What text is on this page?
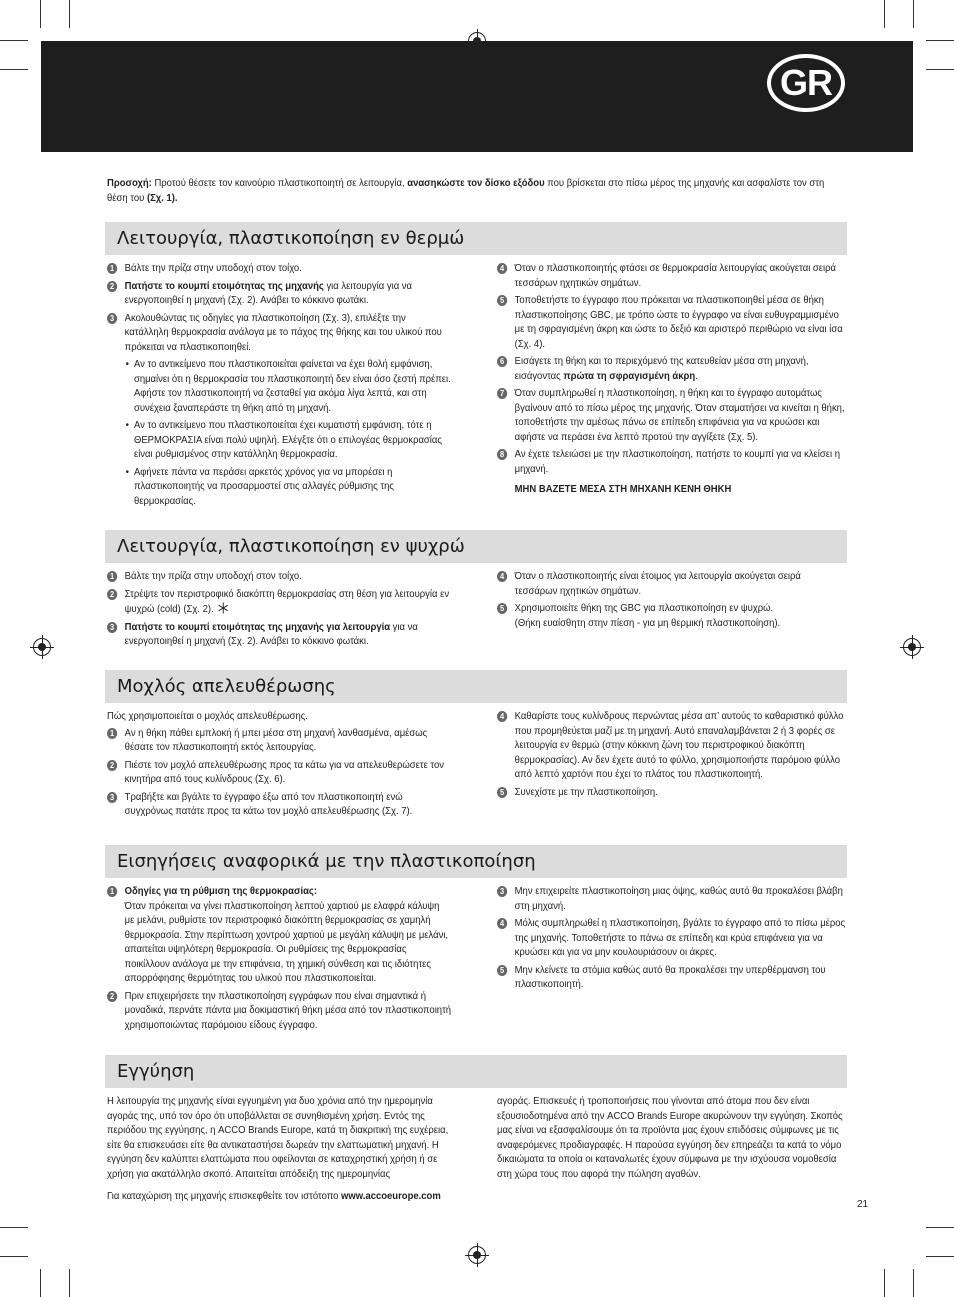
GR
Προσοχή: Προτού θέσετε τον καινούριο πλαστικοποιητή σε λειτουργία, ανασηκώστε τον δίσκο εξόδου που βρίσκεται στο πίσω μέρος της μηχανής και ασφαλίστε τον στη θέση του (Σχ. 1).
Λειτουργία, πλαστικοποίηση εν θερμώ
1 Βάλτε την πρίζα στην υποδοχή στον τοίχο.
2 Πατήστε το κουμπί ετοιμότητας της μηχανής για λειτουργία για να ενεργοποιηθεί η μηχανή (Σχ. 2). Ανάβει το κόκκινο φωτάκι.
3 Ακολουθώντας τις οδηγίες για πλαστικοποίηση (Σχ. 3), επιλέξτε την κατάλληλη θερμοκρασία ανάλογα με το πάχος της θήκης και του υλικού που πρόκειται να πλαστικοποιηθεί.
• Αν το αντικείμενο που πλαστικοποιείται φαίνεται να έχει θολή εμφάνιση, σημαίνει ότι η θερμοκρασία του πλαστικοποιητή δεν είναι όσο ζεστή πρέπει. Αφήστε τον πλαστικοποιητή να ζεσταθεί για ακόμα λίγα λεπτά, και στη συνέχεια ξαναπεράστε τη θήκη από τη μηχανή.
• Αν το αντικείμενο που πλαστικοποιείται έχει κυματιστή εμφάνιση, τότε η ΘΕΡΜΟΚΡΑΣΙΑ είναι πολύ υψηλή. Ελέγξτε ότι ο επιλογέας θερμοκρασίας είναι ρυθμισμένος στην κατάλληλη θερμοκρασία.
• Αφήνετε πάντα να περάσει αρκετός χρόνος για να μπορέσει η πλαστικοποιητής να προσαρμοστεί στις αλλαγές ρύθμισης της θερμοκρασίας.
4 Όταν ο πλαστικοποιητής φτάσει σε θερμοκρασία λειτουργίας ακούγεται σειρά τεσσάρων ηχητικών σημάτων.
5 Τοποθετήστε το έγγραφο που πρόκειται να πλαστικοποιηθεί μέσα σε θήκη πλαστικοποίησης GBC, με τρόπο ώστε το έγγραφο να είναι ευθυγραμμισμένο με τη σφραγισμένη άκρη και ώστε το δεξιό και αριστερό περιθώριο να είναι ίσα (Σχ. 4).
6 Εισάγετε τη θήκη και το περιεχόμενό της κατευθείαν μέσα στη μηχανή, εισάγοντας πρώτα τη σφραγισμένη άκρη.
7 Όταν συμπληρωθεί η πλαστικοποίηση, η θήκη και το έγγραφο αυτομάτως βγαίνουν από το πίσω μέρος της μηχανής. Όταν σταματήσει να κινείται η θήκη, τοποθετήστε την αμέσως πάνω σε επίπεδη επιφάνεια για να κρυώσει και αφήστε να περάσει ένα λεπτό προτού την αγγίξετε (Σχ. 5).
8 Αν έχετε τελειώσει με την πλαστικοποίηση, πατήστε το κουμπί για να κλείσει η μηχανή.
ΜΗΝ ΒΑΖΕΤΕ ΜΕΣΑ ΣΤΗ ΜΗΧΑΝΗ ΚΕΝΗ ΘΗΚΗ
Λειτουργία, πλαστικοποίηση εν ψυχρώ
1 Βάλτε την πρίζα στην υποδοχή στον τοίχο.
2 Στρέψτε τον περιστροφικό διακόπτη θερμοκρασίας στη θέση για λειτουργία εν ψυχρώ (cold) (Σχ. 2).
3 Πατήστε το κουμπί ετοιμότητας της μηχανής για λειτουργία για να ενεργοποιηθεί η μηχανή (Σχ. 2). Ανάβει το κόκκινο φωτάκι.
4 Όταν ο πλαστικοποιητής είναι έτοιμος για λειτουργία ακούγεται σειρά τεσσάρων ηχητικών σημάτων.
5 Χρησιμοποιείτε θήκη της GBC για πλαστικοποίηση εν ψυχρώ.
(Θήκη ευαίσθητη στην πίεση - για μη θερμική πλαστικοποίηση).
Μοχλός απελευθέρωσης
Πώς χρησιμοποιείται ο μοχλός απελευθέρωσης.
1 Αν η θήκη πάθει εμπλοκή ή μπει μέσα στη μηχανή λανθασμένα, αμέσως θέσατε τον πλαστικοποιητή εκτός λειτουργίας.
2 Πιέστε τον μοχλό απελευθέρωσης προς τα κάτω για να απελευθερώσετε τον κινητήρα από τους κυλίνδρους (Σχ. 6).
3 Τραβήξτε και βγάλτε το έγγραφο έξω από τον πλαστικοποιητή ενώ συγχρόνως πατάτε προς τα κάτω τον μοχλό απελευθέρωσης (Σχ. 7).
4 Καθαρίστε τους κυλίνδρους περνώντας μέσα απ’ αυτούς το καθαριστικό φύλλο που προμηθεύεται μαζί με τη μηχανή. Αυτό επαναλαμβάνεται 2 ή 3 φορές σε λειτουργία εν θερμώ (στην κόκκινη ζώνη του περιστροφικού διακόπτη θερμοκρασίας). Αν δεν έχετε αυτό το φύλλο, χρησιμοποιήστε παρόμοιο φύλλο από λεπτό χαρτόνι που έχει το πλάτος του πλαστικοποιητή.
5 Συνεχίστε με την πλαστικοποίηση.
Εισηγήσεις αναφορικά με την πλαστικοποίηση
1 Οδηγίες για τη ρύθμιση της θερμοκρασίας:
Όταν πρόκειται να γίνει πλαστικοποίηση λεπτού χαρτιού με ελαφρά κάλυψη με μελάνι, ρυθμίστε τον περιστροφικό διακόπτη θερμοκρασίας σε χαμηλή θερμοκρασία. Στην περίπτωση χοντρού χαρτιού με μεγάλη κάλυψη με μελάνι, απαιτείται υψηλότερη θερμοκρασία. Οι ρυθμίσεις της θερμοκρασίας ποικίλλουν ανάλογα με την επιφάνεια, τη χημική σύνθεση και τις ιδιότητες απορρόφησης θερμότητας του υλικού που πλαστικοποιείται.
2 Πριν επιχειρήσετε την πλαστικοποίηση εγγράφων που είναι σημαντικά ή μοναδικά, περνάτε πάντα μια δοκιμαστική θήκη μέσα από τον πλαστικοποιητή χρησιμοποιώντας παρόμοιου είδους έγγραφο.
3 Μην επιχειρείτε πλαστικοποίηση μιας όψης, καθώς αυτό θα προκαλέσει βλάβη στη μηχανή.
4 Μόλις συμπληρωθεί η πλαστικοποίηση, βγάλτε το έγγραφο από το πίσω μέρος της μηχανής. Τοποθετήστε το πάνω σε επίπεδη και κρύα επιφάνεια για να κρυώσει και για να μην κουλουριάσουν οι άκρες.
5 Μην κλείνετε τα στόμια καθώς αυτό θα προκαλέσει την υπερθέρμανση του πλαστικοποιητή.
Εγγύηση
Η λειτουργία της μηχανής είναι εγγυημένη για δυο χρόνια από την ημερομηνία αγοράς της, υπό τον όρο ότι υποβάλλεται σε συνηθισμένη χρήση. Εντός της περιόδου της εγγύησης, η ACCO Brands Europe, κατά τη διακριτική της ευχέρεια, είτε θα επισκευάσει είτε θα αντικαταστήσει δωρεάν την ελαττωματική μηχανή. Η εγγύηση δεν καλύπτει ελαττώματα που οφείλονται σε καταχρηστική χρήση ή σε χρήση για ακατάλληλο σκοπό. Απαιτείται απόδειξη της ημερομηνίας
Για καταχώριση της μηχανής επισκεφθείτε τον ιστότοπο www.accoeurope.com
αγοράς. Επισκευές ή τροποποιήσεις που γίνονται από άτομα που δεν είναι εξουσιοδοτημένα από την ACCO Brands Europe ακυρώνουν την εγγύηση. Σκοπός μας είναι να εξασφαλίσουμε ότι τα προϊόντα μας έχουν επιδόσεις σύμφωνες με τις αναφερόμενες προδιαγραφές. Η παρούσα εγγύηση δεν επηρεάζει τα κατά το νόμο δικαιώματα τα οποία οι καταναλωτές έχουν σύμφωνα με την ισχύουσα νομοθεσία στη χώρα τους που αφορά την πώληση αγαθών.
21
